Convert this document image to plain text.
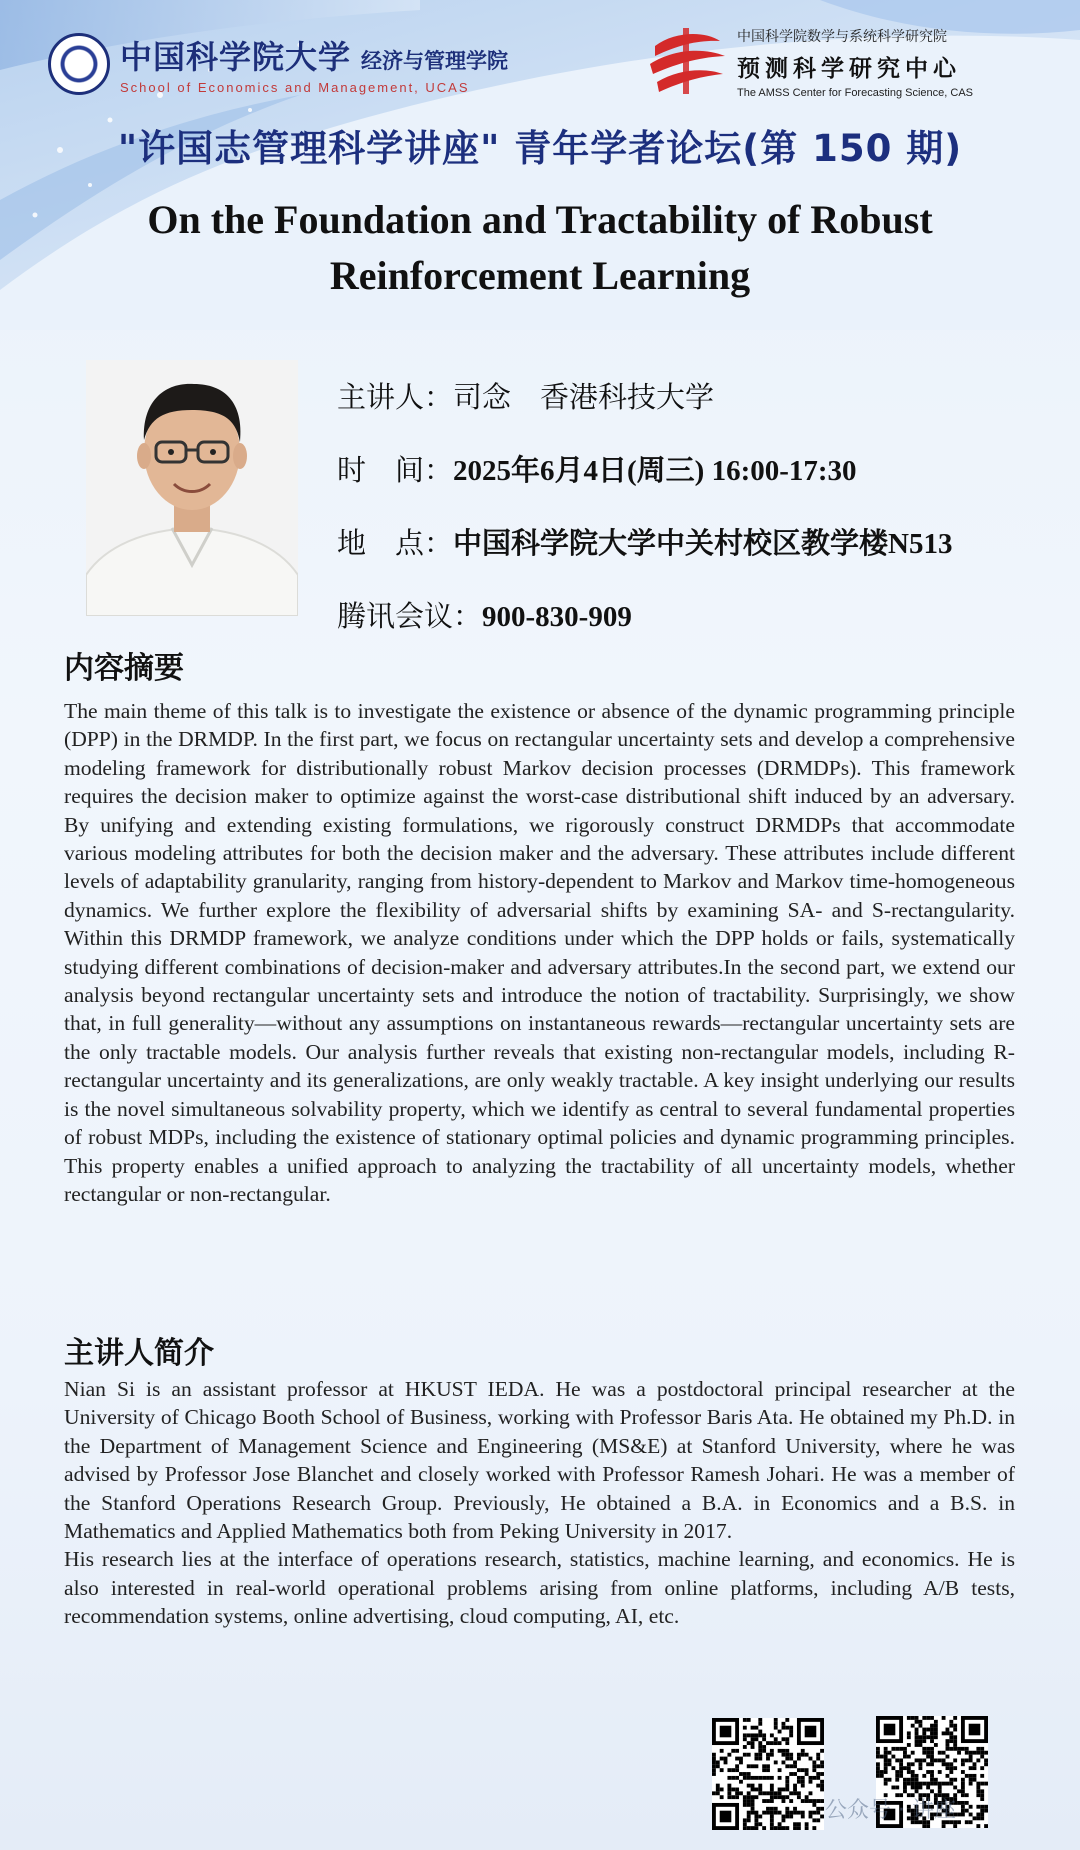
中国科学院大学 经济与管理学院
School of Economics and Management, UCAS
中国科学院数学与系统科学研究院
预测科学研究中心
The AMSS Center for Forecasting Science, CAS
"许国志管理科学讲座" 青年学者论坛(第 150 期)
On the Foundation and Tractability of Robust
Reinforcement Learning
主讲人：司念　香港科技大学
时　间：2025年6月4日(周三) 16:00-17:30
地　点：中国科学院大学中关村校区教学楼N513
腾讯会议：900-830-909
内容摘要
The main theme of this talk is to investigate the existence or absence of the dynamic programming principle (DPP) in the DRMDP. In the first part, we focus on rectangular uncertainty sets and develop a comprehensive modeling framework for distributionally robust Markov decision processes (DRMDPs). This framework requires the decision maker to optimize against the worst-case distributional shift induced by an adversary. By unifying and extending existing formulations, we rigorously construct DRMDPs that accommodate various modeling attributes for both the decision maker and the adversary. These attributes include different levels of adaptability granularity, ranging from history-dependent to Markov and Markov time-homogeneous dynamics. We further explore the flexibility of adversarial shifts by examining SA- and S-rectangularity. Within this DRMDP framework, we analyze conditions under which the DPP holds or fails, systematically studying different combinations of decision-maker and adversary attributes.In the second part, we extend our analysis beyond rectangular uncertainty sets and introduce the notion of tractability. Surprisingly, we show that, in full generality—without any assumptions on instantaneous rewards—rectangular uncertainty sets are the only tractable models. Our analysis further reveals that existing non-rectangular models, including R-rectangular uncertainty and its generalizations, are only weakly tractable. A key insight underlying our results is the novel simultaneous solvability property, which we identify as central to several fundamental properties of robust MDPs, including the existence of stationary optimal policies and dynamic programming principles. This property enables a unified approach to analyzing the tractability of all uncertainty models, whether rectangular or non-rectangular.
主讲人简介
Nian Si is an assistant professor at HKUST IEDA. He was a postdoctoral principal researcher at the University of Chicago Booth School of Business, working with Professor Baris Ata. He obtained my Ph.D. in the Department of Management Science and Engineering (MS&E) at Stanford University, where he was advised by Professor Jose Blanchet and closely worked with Professor Ramesh Johari. He was a member of the Stanford Operations Research Group. Previously, He obtained a B.A. in Economics and a B.S. in Mathematics and Applied Mathematics both from Peking University in 2017.
His research lies at the interface of operations research, statistics, machine learning, and economics. He is also interested in real-world operational problems arising from online platforms, including A/B tests, recommendation systems, online advertising, cloud computing, AI, etc.
公众号 · 讲座
